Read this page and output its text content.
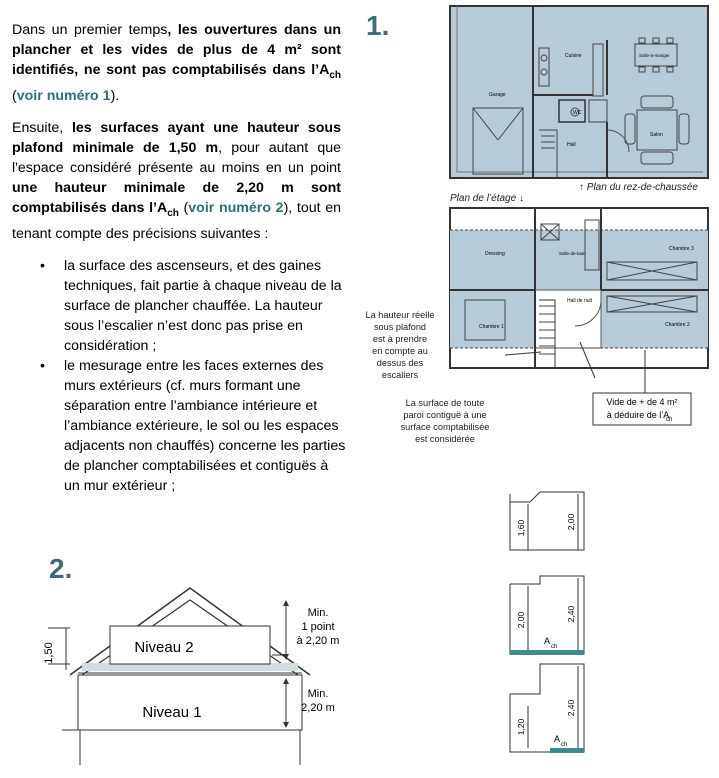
Dans un premier temps, les ouvertures dans un plancher et les vides de plus de 4 m² sont identifiés, ne sont pas comptabilisés dans $l’A_{ch}$ (voir numéro 1).
Ensuite, les surfaces ayant une hauteur sous plafond minimale de 1,50 m, pour autant que l'espace considéré présente au moins en un point une hauteur minimale de 2,20 m sont comptabilisés dans $l’A_{ch}$ (voir numéro 2), tout en tenant compte des précisions suivantes :
• la surface des ascenseurs, et des gaines techniques, fait partie à chaque niveau de la surface de plancher chauffée. La hauteur sous l’escalier n’est donc pas prise en considération ;
• le mesurage entre les faces externes des murs extérieurs (cf. murs formant une séparation entre l’ambiance intérieure et l’ambiance extérieure, le sol ou les espaces adjacents non chauffés) concerne les parties de plancher comptabilisées et contiguës à un mur extérieur ;
1.
Garage
Cuisine	Salle-à-manger
WC
Hall
Salon
↑ Plan du rez-de-chaussée
Plan de l’étage ↓
Dressing	Salle-de-bain
Chambre 3
Hall de nuit
Chambre 1	Chambre 2
La hauteur réelle
sous plafond
est à prendre
en compte au
dessus des
escaliers
La surface de toute
paroi contiguë à une
surface comptabilisée
est considérée
Vide de + de 4 m²
à déduire de l’A
ch
2.
1,50	Niveau 2
Niveau 1
Min.
1 point
à 2,20 m
Min.
2,20 m
1,60	2,00
2,00	2,40
A
ch
1,20
2,40
A
ch
